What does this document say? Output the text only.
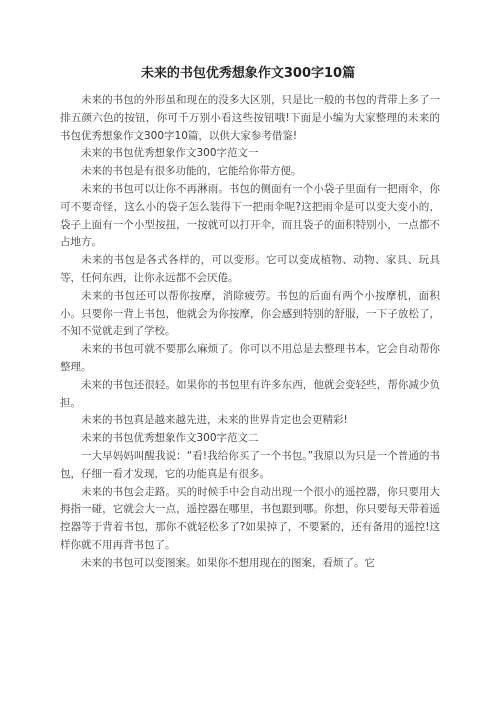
未来的书包优秀想象作文300字10篇

未来的书包的外形虽和现在的没多大区别，只是比一般的书包的背带上多了一排五颜六色的按钮，你可千万别小看这些按钮哦!下面是小编为大家整理的未来的书包优秀想象作文300字10篇，以供大家参考借鉴!

未来的书包优秀想象作文300字范文一

未来的书包是有很多功能的，它能给你带方便。

未来的书包可以让你不再淋雨。书包的侧面有一个小袋子里面有一把雨伞，你可不要奇怪，这么小的袋子怎么装得下一把雨伞呢?这把雨伞是可以变大变小的，袋子上面有一个小型按扭，一按就可以打开伞，而且袋子的面积特别小，一点都不占地方。

未来的书包是各式各样的，可以变形。它可以变成植物、动物、家具、玩具等，任何东西，让你永远都不会厌倦。

未来的书包还可以帮你按摩，消除疲劳。书包的后面有两个小按摩机，面积小。只要你一背上书包，他就会为你按摩，你会感到特别的舒服，一下子放松了，不知不觉就走到了学校。

未来的书包可就不要那么麻烦了。你可以不用总是去整理书本，它会自动帮你整理。

未来的书包还很轻。如果你的书包里有许多东西，他就会变轻些，帮你减少负担。

未来的书包真是越来越先进，未来的世界肯定也会更精彩!

未来的书包优秀想象作文300字范文二

一大早妈妈叫醒我说：“看!我给你买了一个书包。”我原以为只是一个普通的书包，仔细一看才发现，它的功能真是有很多。

未来的书包会走路。买的时候手中会自动出现一个很小的遥控器，你只要用大拇指一碰，它就会大一点，遥控器在哪里，书包跟到哪。你想，你只要每天带着遥控器等于背着书包，那你不就轻松多了?如果掉了，不要紧的，还有备用的遥控!这样你就不用再背书包了。

未来的书包可以变图案。如果你不想用现在的图案，看烦了。它
